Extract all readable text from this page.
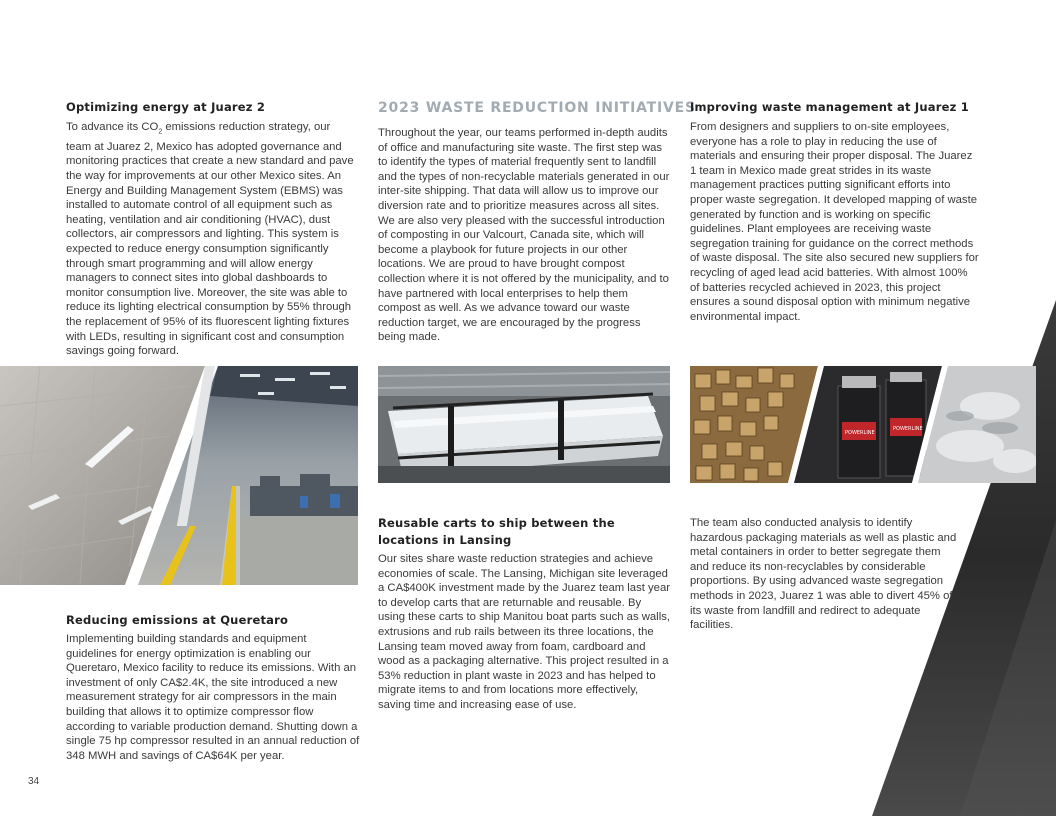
Optimizing energy at Juarez 2

To advance its $CO_2$ emissions reduction strategy, our team at Juarez 2, Mexico has adopted governance and monitoring practices that create a new standard and pave the way for improvements at our other Mexico sites. An Energy and Building Management System (EBMS) was installed to automate control of all equipment such as heating, ventilation and air conditioning (HVAC), dust collectors, air compressors and lighting. This system is expected to reduce energy consumption significantly through smart programming and will allow energy managers to connect sites into global dashboards to monitor consumption live. Moreover, the site was able to reduce its lighting electrical consumption by 55% through the replacement of 95% of its fluorescent lighting fixtures with LEDs, resulting in significant cost and consumption savings going forward.

2023 WASTE REDUCTION INITIATIVES

Throughout the year, our teams performed in-depth audits of office and manufacturing site waste. The first step was to identify the types of material frequently sent to landfill and the types of non-recyclable materials generated in our inter-site shipping. That data will allow us to improve our diversion rate and to prioritize measures across all sites. We are also very pleased with the successful introduction of composting in our Valcourt, Canada site, which will become a playbook for future projects in our other locations. We are proud to have brought compost collection where it is not offered by the municipality, and to have partnered with local enterprises to help them compost as well. As we advance toward our waste reduction target, we are encouraged by the progress being made.

Improving waste management at Juarez 1

From designers and suppliers to on-site employees, everyone has a role to play in reducing the use of materials and ensuring their proper disposal. The Juarez 1 team in Mexico made great strides in its waste management practices putting significant efforts into proper waste segregation. It developed mapping of waste generated by function and is working on specific guidelines. Plant employees are receiving waste segregation training for guidance on the correct methods of waste disposal. The site also secured new suppliers for recycling of aged lead acid batteries. With almost 100% of batteries recycled achieved in 2023, this project ensures a sound disposal option with minimum negative environmental impact.

POWERLINE
POWERLINE
Reducing emissions at Queretaro

Implementing building standards and equipment guidelines for energy optimization is enabling our Queretaro, Mexico facility to reduce its emissions. With an investment of only CA$2.4K, the site introduced a new measurement strategy for air compressors in the main building that allows it to optimize compressor flow according to variable production demand. Shutting down a single 75 hp compressor resulted in an annual reduction of 348 MWH and savings of CA$64K per year.

Reusable carts to ship between the locations in Lansing

Our sites share waste reduction strategies and achieve economies of scale. The Lansing, Michigan site leveraged a CA$400K investment made by the Juarez team last year to develop carts that are returnable and reusable. By using these carts to ship Manitou boat parts such as walls, extrusions and rub rails between its three locations, the Lansing team moved away from foam, cardboard and wood as a packaging alternative. This project resulted in a 53% reduction in plant waste in 2023 and has helped to migrate items to and from locations more effectively, saving time and increasing ease of use.

The team also conducted analysis to identify hazardous packaging materials as well as plastic and metal containers in order to better segregate them and reduce its non-recyclables by considerable proportions. By using advanced waste segregation methods in 2023, Juarez 1 was able to divert 45% of its waste from landfill and redirect to adequate facilities.

34
